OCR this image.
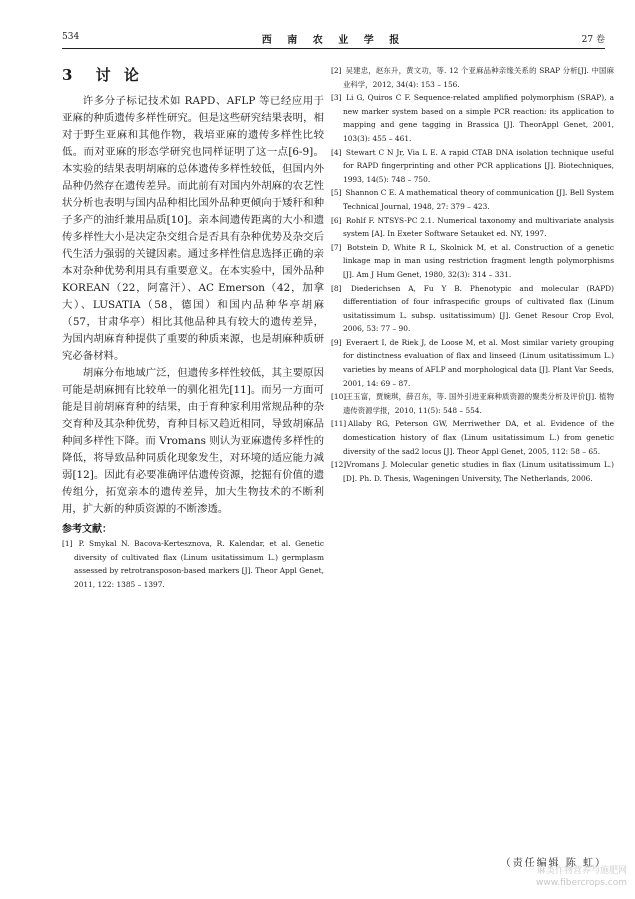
534	西 南 农 业 学 报	27 卷
3 讨 论

许多分子标记技术如 RAPD、AFLP 等已经应用于亚麻的种质遗传多样性研究。但是这些研究结果表明，相对于野生亚麻和其他作物，栽培亚麻的遗传多样性比较低。而对亚麻的形态学研究也同样证明了这一点[6-9]。本实验的结果表明胡麻的总体遗传多样性较低，但国内外品种仍然存在遗传差异。而此前有对国内外胡麻的农艺性状分析也表明与国内品种相比国外品种更倾向于矮秆和种子多产的油纤兼用品质[10]。亲本间遗传距离的大小和遗传多样性大小是决定杂交组合是否具有杂种优势及杂交后代生活力强弱的关键因素。通过多样性信息选择正确的亲本对杂种优势利用具有重要意义。在本实验中，国外品种 KOREAN（22，阿富汗）、AC Emerson（42，加拿大）、LUSATIA（58，德国）和国内品种华亭胡麻（57，甘肃华亭）相比其他品种具有较大的遗传差异，为国内胡麻育种提供了重要的种质来源，也是胡麻种质研究必备材料。

胡麻分布地域广泛，但遗传多样性较低，其主要原因可能是胡麻拥有比较单一的驯化祖先[11]。而另一方面可能是目前胡麻育种的结果，由于育种家利用常规品种的杂交育种及其杂种优势，育种目标又趋近相同，导致胡麻品种间多样性下降。而 Vromans 则认为亚麻遗传多样性的降低，将导致品种同质化现象发生，对环境的适应能力减弱[12]。因此有必要准确评估遗传资源，挖掘有价值的遗传组分，拓宽亲本的遗传差异，加大生物技术的不断利用，扩大新的种质资源的不断渗透。

参考文献：
[1] P. Smykal N. Bacova-Kertesznova, R. Kalendar, et al. Genetic diversity of cultivated flax (Linum usitatissimum L.) germplasm assessed by retrotransposon-based markers [J]. Theor Appl Genet, 2011, 122: 1385 – 1397.
[2] 吴建忠，赵东升，黄文功，等. 12 个亚麻品种亲缘关系的 SRAP 分析[J]. 中国麻业科学，2012, 34(4): 153 – 156.
[3] Li G, Quiros C F. Sequence-related amplified polymorphism (SRAP), a new marker system based on a simple PCR reaction: its application to mapping and gene tagging in Brassica [J]. TheorAppl Genet, 2001, 103(3): 455 – 461.
[4] Stewart C N Jr, Via L E. A rapid CTAB DNA isolation technique useful for RAPD fingerprinting and other PCR applications [J]. Biotechniques, 1993, 14(5): 748 – 750.
[5] Shannon C E. A mathematical theory of communication [J]. Bell System Technical Journal, 1948, 27: 379 – 423.
[6] Rohlf F. NTSYS-PC 2.1. Numerical taxonomy and multivariate analysis system [A]. In Exeter Software Setauket ed. NY, 1997.
[7] Botstein D, White R L, Skolnick M, et al. Construction of a genetic linkage map in man using restriction fragment length polymorphisms [J]. Am J Hum Genet, 1980, 32(3): 314 – 331.
[8] Diederichsen A, Fu Y B. Phenotypic and molecular (RAPD) differentiation of four infraspecific groups of cultivated flax (Linum usitatissimum L. subsp. usitatissimum) [J]. Genet Resour Crop Evol, 2006, 53: 77 – 90.
[9] Everaert I, de Riek J, de Loose M, et al. Most similar variety grouping for distinctness evaluation of flax and linseed (Linum usitatissimum L.) varieties by means of AFLP and morphological data [J]. Plant Var Seeds, 2001, 14: 69 – 87.
[10] 王玉富，贾婉琪，薛召东，等. 国外引进亚麻种质资源的聚类分析及评价[J]. 植物遗传资源学报，2010, 11(5): 548 – 554.
[11] Allaby RG, Peterson GW, Merriwether DA, et al. Evidence of the domestication history of flax (Linum usitatissimum L.) from genetic diversity of the sad2 locus [J]. Theor Appl Genet, 2005, 112: 58 – 65.
[12] Vromans J. Molecular genetic studies in flax (Linum usitatissimum L.) [D]. Ph. D. Thesis, Wageningen University, The Netherlands, 2006.
（责任编辑 陈 虹）
麻类作物营养与施肥网
www.fibercrops.com
